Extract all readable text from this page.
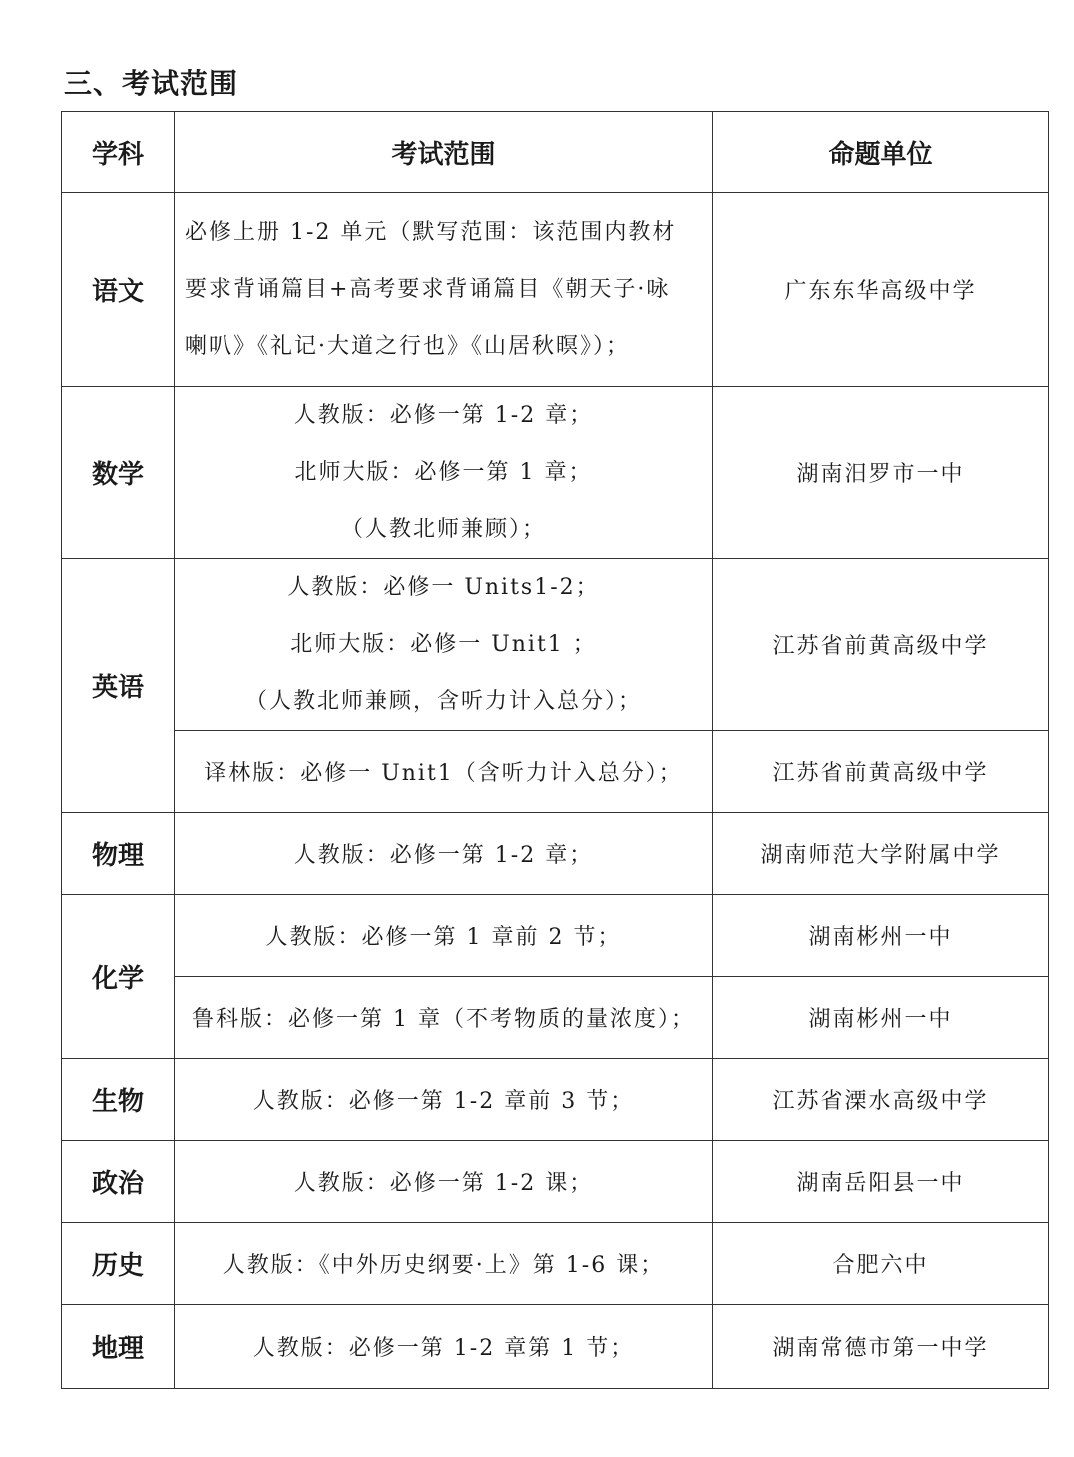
三、考试范围
学科	考试范围	命题单位
语文	必修上册 1-2 单元（默写范围：该范围内教材
要求背诵篇目+高考要求背诵篇目《朝天子·咏
喇叭》《礼记·大道之行也》《山居秋暝》）；	广东东华高级中学
数学	人教版：必修一第 1-2 章；
北师大版：必修一第 1 章；
（人教北师兼顾）；	湖南汨罗市一中
英语	人教版：必修一 Units1-2；
北师大版：必修一 Unit1 ；
（人教北师兼顾，含听力计入总分）；	江苏省前黄高级中学
	译林版：必修一 Unit1（含听力计入总分）；	江苏省前黄高级中学
物理	人教版：必修一第 1-2 章；	湖南师范大学附属中学
化学	人教版：必修一第 1 章前 2 节；	湖南彬州一中
	鲁科版：必修一第 1 章（不考物质的量浓度）；	湖南彬州一中
生物	人教版：必修一第 1-2 章前 3 节；	江苏省溧水高级中学
政治	人教版：必修一第 1-2 课；	湖南岳阳县一中
历史	人教版：《中外历史纲要·上》第 1-6 课；	合肥六中
地理	人教版：必修一第 1-2 章第 1 节；	湖南常德市第一中学
